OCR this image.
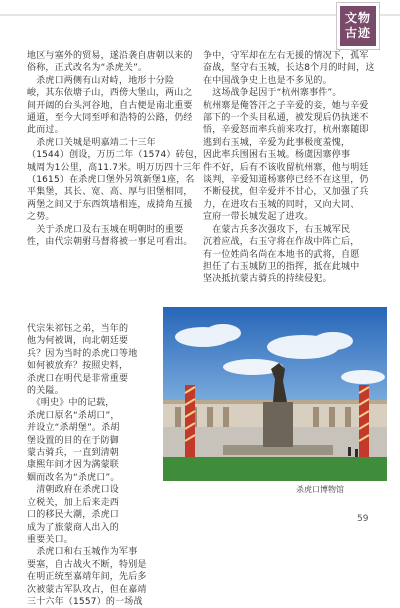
文物
古迹

地区与塞外的贸易，遂沿袭自唐朝以来的

俗称，正式改名为“杀虎关”。

　杀虎口两侧有山对峙，地形十分险

峻，其东依塘子山，西傍大堡山，两山之

间开阔的台头河谷地，自古便是南北重要

通道，至今大同至呼和浩特的公路，仍经

此而过。

　杀虎口关城是明嘉靖二十三年

（1544）创设，万历二年（1574）砖包，

城周为1公里，高11.7米。明万历四十三年

（1615）在杀虎口堡外另筑新堡1座，名

平集堡，其长、宽、高、厚与旧堡相同，

两堡之间又于东西筑墙相连，成掎角互援

之势。

　关于杀虎口及右玉城在明朝时的重要

性，由代宗朝驸马督将被一事足可看出。

争中，守军却在左右无援的情况下，孤军

奋战，坚守右玉城，长达8个月的时间，这

在中国战争史上也是不多见的。

　这场战争起因于“杭州寨事件”。

杭州寨是俺答汗之子辛爱的妾，她与辛爱

部下的一个头目私通，被发现后仍执迷不

悟，辛爱怒而率兵前来攻打，杭州寨随即

逃到右玉城，辛爱为此事极度羞愧，

因此率兵围困右玉城。杨虞因寨停事

件不好，后有不该收留杭州寨，他与明廷

谈判，辛爱知道杨寨停已经不在这里，仍

不断侵扰，但辛爱并不甘心，又加强了兵

力，在进攻右玉城的同时，又向大同、

宣府一带长城发起了进攻。

　在蒙古兵多次强攻下，右玉城军民

沉着应战，右玉守将在作战中阵亡后，

有一位姓尚名尚在本地书的武将，自愿

担任了右玉城防卫的指挥，抵在此城中

坚决抵抗蒙古骑兵的持续侵犯。

代宗朱祁钰之弟，当年的

他为何被调，向北朝廷要

兵？因为当时的杀虎口等地

如何被放弃？按照史料，

杀虎口在明代是非常重要

的关隘。

　《明史》中的记载，

杀虎口原名“杀胡口”，

并设立“杀胡堡”。杀胡

堡设置的目的在于防御

蒙古骑兵，一直到清朝

康熙年间才因为满蒙联

姻而改名为“杀虎口”。

　清朝政府在杀虎口设

立税关，加上后来走西

口的移民大潮，杀虎口

成为了旅蒙商人出入的

重要关口。

　杀虎口和右玉城作为军事

要塞，自古战火不断，特别是

在明正统至嘉靖年间，先后多

次被蒙古军队攻占，但在嘉靖

三十六年（1557）的一场战

杀虎口博物馆
59
